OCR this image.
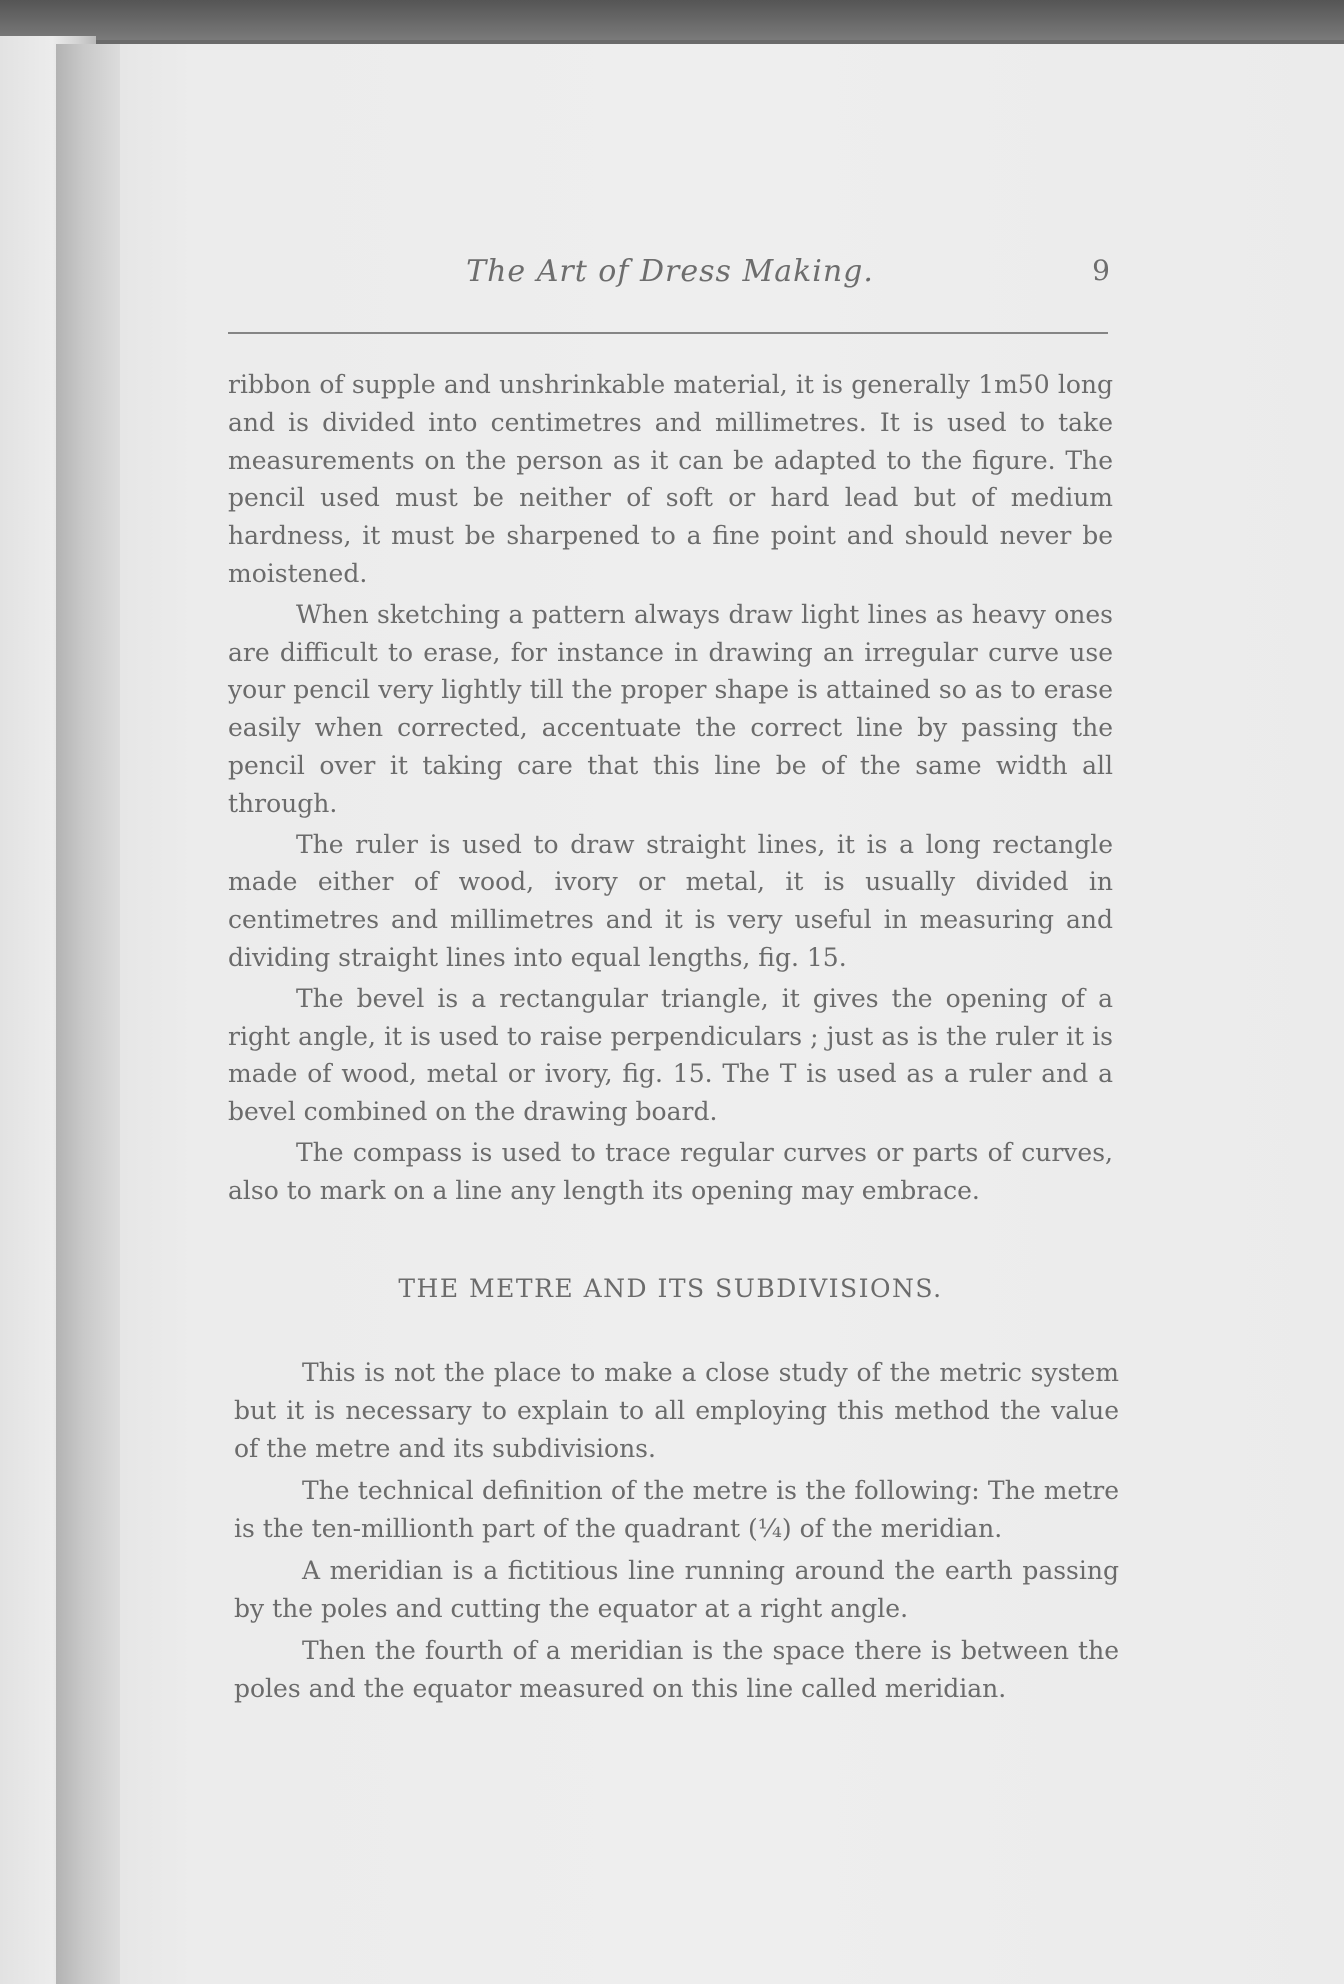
The Art of Dress Making.	9

ribbon of supple and unshrinkable material, it is generally 1m50 long and is divided into centimetres and millimetres. It is used to take measurements on the person as it can be adapted to the figure. The pencil used must be neither of soft or hard lead but of medium hardness, it must be sharpened to a fine point and should never be moistened.

When sketching a pattern always draw light lines as heavy ones are difficult to erase, for instance in drawing an irregular curve use your pencil very lightly till the proper shape is attained so as to erase easily when corrected, accentuate the correct line by passing the pencil over it taking care that this line be of the same width all through.

The ruler is used to draw straight lines, it is a long rectangle made either of wood, ivory or metal, it is usually divided in centimetres and millimetres and it is very useful in measuring and dividing straight lines into equal lengths, fig. 15.

The bevel is a rectangular triangle, it gives the opening of a right angle, it is used to raise perpendiculars ; just as is the ruler it is made of wood, metal or ivory, fig. 15. The T is used as a ruler and a bevel combined on the drawing board.

The compass is used to trace regular curves or parts of curves, also to mark on a line any length its opening may embrace.

THE METRE AND ITS SUBDIVISIONS.

This is not the place to make a close study of the metric system but it is necessary to explain to all employing this method the value of the metre and its subdivisions.

The technical definition of the metre is the following: The metre is the ten-millionth part of the quadrant (¼) of the meridian.

A meridian is a fictitious line running around the earth passing by the poles and cutting the equator at a right angle.

Then the fourth of a meridian is the space there is between the poles and the equator measured on this line called meridian.
